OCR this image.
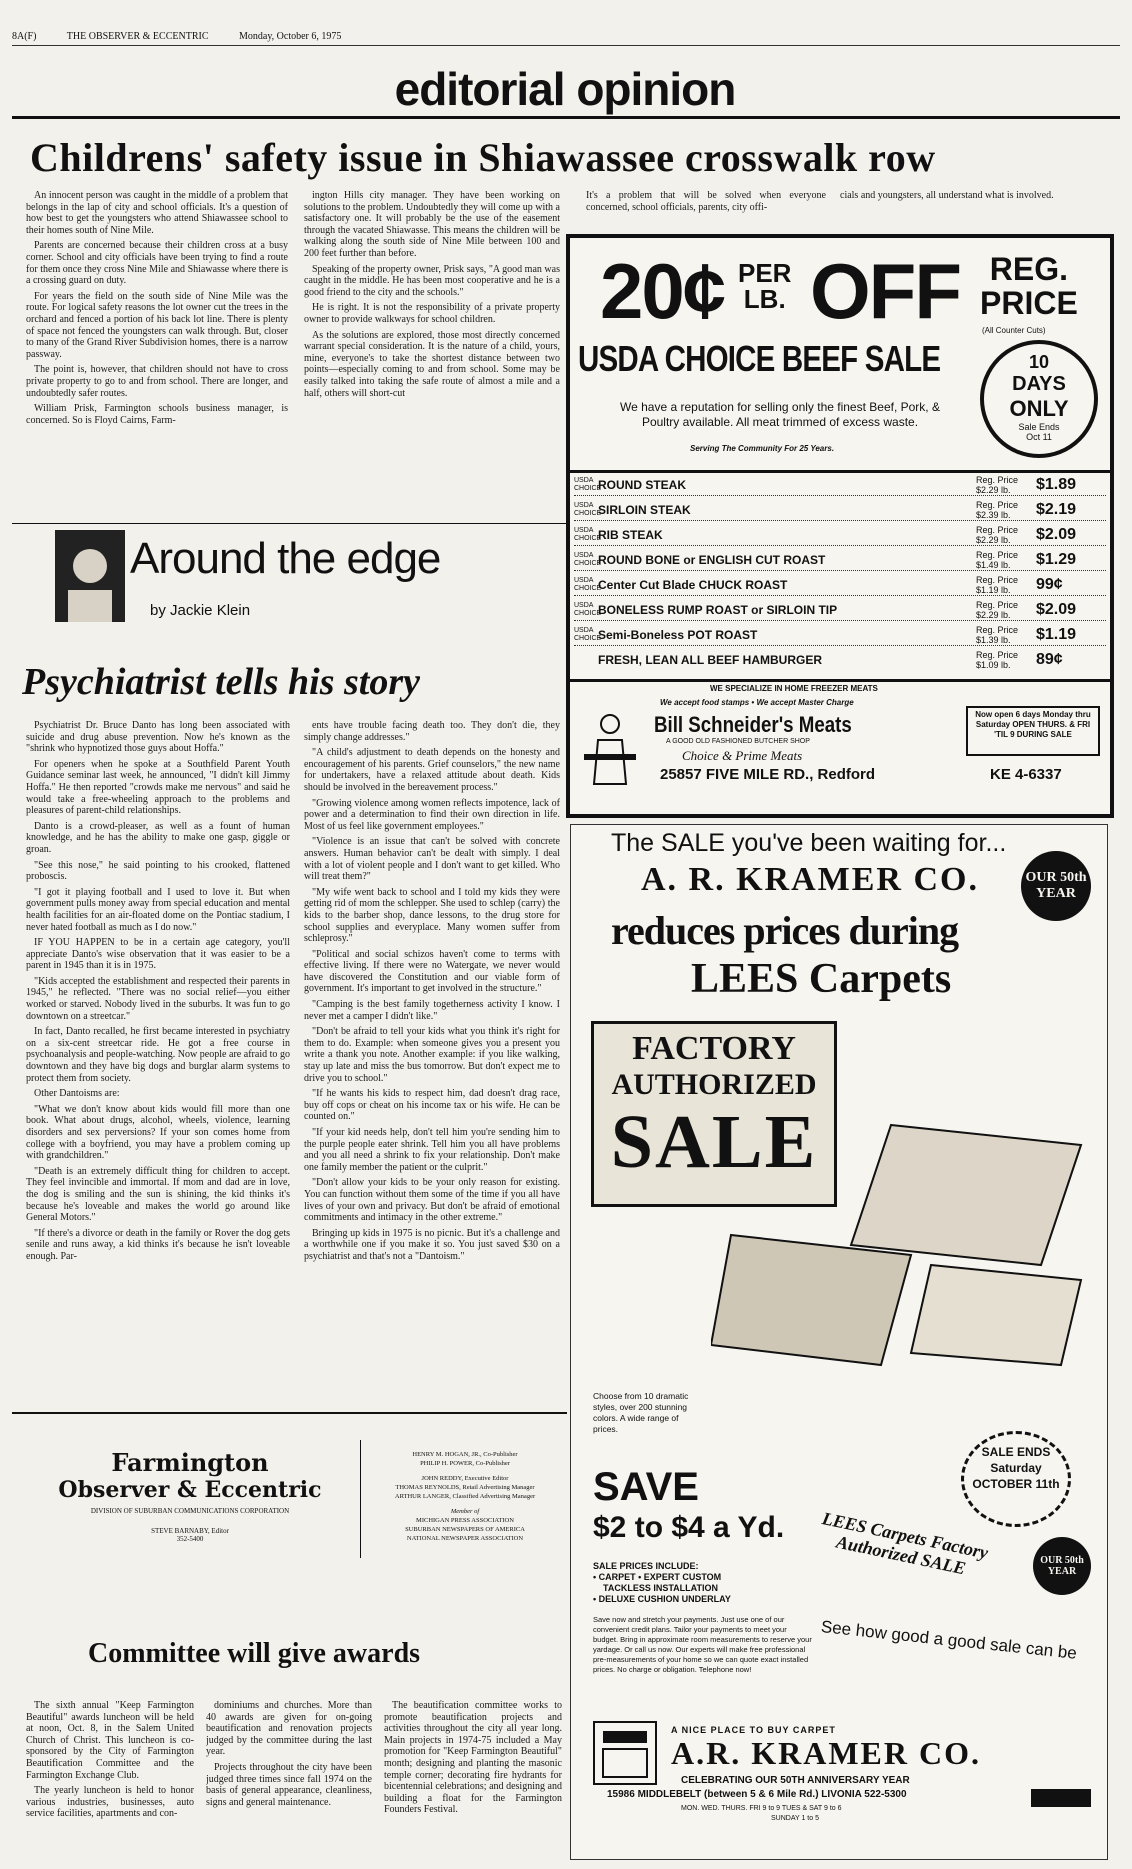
8A(F)	THE OBSERVER & ECCENTRIC	Monday, October 6, 1975
editorial opinion
Childrens' safety issue in Shiawassee crosswalk row

An innocent person was caught in the middle of a problem that belongs in the lap of city and school officials. It's a question of how best to get the youngsters who attend Shiawassee school to their homes south of Nine Mile.

Parents are concerned because their children cross at a busy corner. School and city officials have been trying to find a route for them once they cross Nine Mile and Shiawasse where there is a crossing guard on duty.

For years the field on the south side of Nine Mile was the route. For logical safety reasons the lot owner cut the trees in the orchard and fenced a portion of his back lot line. There is plenty of space not fenced the youngsters can walk through. But, closer to many of the Grand River Subdivision homes, there is a narrow passway.

The point is, however, that children should not have to cross private property to go to and from school. There are longer, and undoubtedly safer routes.

William Prisk, Farmington schools business manager, is concerned. So is Floyd Cairns, Farm-

ington Hills city manager. They have been working on solutions to the problem. Undoubtedly they will come up with a satisfactory one. It will probably be the use of the easement through the vacated Shiawasse. This means the children will be walking along the south side of Nine Mile between 100 and 200 feet further than before.

Speaking of the property owner, Prisk says, "A good man was caught in the middle. He has been most cooperative and he is a good friend to the city and the schools."

He is right. It is not the responsibility of a private property owner to provide walkways for school children.

As the solutions are explored, those most directly concerned warrant special consideration. It is the nature of a child, yours, mine, everyone's to take the shortest distance between two points—especially coming to and from school. Some may be easily talked into taking the safe route of almost a mile and a half, others will short-cut

It's a problem that will be solved when everyone concerned, school officials, parents, city offi-
cials and youngsters, all understand what is involved.
Around the edge
by Jackie Klein
Psychiatrist tells his story

Psychiatrist Dr. Bruce Danto has long been associated with suicide and drug abuse prevention. Now he's known as the "shrink who hypnotized those guys about Hoffa."

For openers when he spoke at a Southfield Parent Youth Guidance seminar last week, he announced, "I didn't kill Jimmy Hoffa." He then reported "crowds make me nervous" and said he would take a free-wheeling approach to the problems and pleasures of parent-child relationships.

Danto is a crowd-pleaser, as well as a fount of human knowledge, and he has the ability to make one gasp, giggle or groan.

"See this nose," he said pointing to his crooked, flattened proboscis.

"I got it playing football and I used to love it. But when government pulls money away from special education and mental health facilities for an air-floated dome on the Pontiac stadium, I never hated football as much as I do now."

IF YOU HAPPEN to be in a certain age category, you'll appreciate Danto's wise observation that it was easier to be a parent in 1945 than it is in 1975.

"Kids accepted the establishment and respected their parents in 1945," he reflected. "There was no social relief—you either worked or starved. Nobody lived in the suburbs. It was fun to go downtown on a streetcar."

In fact, Danto recalled, he first became interested in psychiatry on a six-cent streetcar ride. He got a free course in psychoanalysis and people-watching. Now people are afraid to go downtown and they have big dogs and burglar alarm systems to protect them from society.

Other Dantoisms are:

"What we don't know about kids would fill more than one book. What about drugs, alcohol, wheels, violence, learning disorders and sex perversions? If your son comes home from college with a boyfriend, you may have a problem coming up with grandchildren."

"Death is an extremely difficult thing for children to accept. They feel invincible and immortal. If mom and dad are in love, the dog is smiling and the sun is shining, the kid thinks it's because he's loveable and makes the world go around like General Motors."

"If there's a divorce or death in the family or Rover the dog gets senile and runs away, a kid thinks it's because he isn't loveable enough. Par-

ents have trouble facing death too. They don't die, they simply change addresses."

"A child's adjustment to death depends on the honesty and encouragement of his parents. Grief counselors," the new name for undertakers, have a relaxed attitude about death. Kids should be involved in the bereavement process."

"Growing violence among women reflects impotence, lack of power and a determination to find their own direction in life. Most of us feel like government employees."

"Violence is an issue that can't be solved with concrete answers. Human behavior can't be dealt with simply. I deal with a lot of violent people and I don't want to get killed. Who will treat them?"

"My wife went back to school and I told my kids they were getting rid of mom the schlepper. She used to schlep (carry) the kids to the barber shop, dance lessons, to the drug store for school supplies and everyplace. Many women suffer from schleprosy."

"Political and social schizos haven't come to terms with effective living. If there were no Watergate, we never would have discovered the Constitution and our viable form of government. It's important to get involved in the structure."

"Camping is the best family togetherness activity I know. I never met a camper I didn't like."

"Don't be afraid to tell your kids what you think it's right for them to do. Example: when someone gives you a present you write a thank you note. Another example: if you like walking, stay up late and miss the bus tomorrow. But don't expect me to drive you to school."

"If he wants his kids to respect him, dad doesn't drag race, buy off cops or cheat on his income tax or his wife. He can be counted on."

"If your kid needs help, don't tell him you're sending him to the purple people eater shrink. Tell him you all have problems and you all need a shrink to fix your relationship. Don't make one family member the patient or the culprit."

"Don't allow your kids to be your only reason for existing. You can function without them some of the time if you all have lives of your own and privacy. But don't be afraid of emotional commitments and intimacy in the other extreme."

Bringing up kids in 1975 is no picnic. But it's a challenge and a worthwhile one if you make it so. You just saved $30 on a psychiatrist and that's not a "Dantoism."

Farmington
Observer & Eccentric
DIVISION OF SUBURBAN COMMUNICATIONS CORPORATION
STEVE BARNABY, Editor
352-5400
HENRY M. HOGAN, JR., Co-Publisher
PHILIP H. POWER, Co-Publisher
JOHN REDDY, Executive Editor
THOMAS REYNOLDS, Retail Advertising Manager
ARTHUR LANGER, Classified Advertising Manager
Member of
MICHIGAN PRESS ASSOCIATION
SUBURBAN NEWSPAPERS OF AMERICA
NATIONAL NEWSPAPER ASSOCIATION
Committee will give awards

The sixth annual "Keep Farmington Beautiful" awards luncheon will be held at noon, Oct. 8, in the Salem United Church of Christ. This luncheon is co-sponsored by the City of Farmington Beautification Committee and the Farmington Exchange Club.

The yearly luncheon is held to honor various industries, businesses, auto service facilities, apartments and con-

dominiums and churches. More than 40 awards are given for on-going beautification and renovation projects judged by the committee during the last year.

Projects throughout the city have been judged three times since fall 1974 on the basis of general appearance, cleanliness, signs and general maintenance.

The beautification committee works to promote beautification projects and activities throughout the city all year long. Main projects in 1974-75 included a May promotion for "Keep Farmington Beautiful" month; designing and planting the masonic temple corner; decorating fire hydrants for bicentennial celebrations; and designing and building a float for the Farmington Founders Festival.

20¢ PER
LB. OFF REG.
PRICE
(All Counter Cuts)
USDA CHOICE BEEF SALE	10
DAYS
ONLY
Sale Ends
Oct 11
We have a reputation for selling only the finest Beef, Pork, & Poultry available. All meat trimmed of excess waste.
Serving The Community For 25 Years.
USDA CHOICE
ROUND STEAK	Reg. Price $2.29 lb.	$1.89
USDA CHOICE
SIRLOIN STEAK	Reg. Price $2.39 lb.	$2.19
USDA CHOICE
RIB STEAK	Reg. Price $2.29 lb.	$2.09
USDA CHOICE
ROUND BONE or ENGLISH CUT ROAST	Reg. Price $1.49 lb.	$1.29
USDA CHOICE
Center Cut Blade CHUCK ROAST	Reg. Price $1.19 lb.	99¢
USDA CHOICE
BONELESS RUMP ROAST or SIRLOIN TIP	Reg. Price $2.29 lb.	$2.09
USDA CHOICE
Semi-Boneless POT ROAST	Reg. Price $1.39 lb.	$1.19
FRESH, LEAN ALL BEEF HAMBURGER	Reg. Price $1.09 lb.	89¢
WE SPECIALIZE IN HOME FREEZER MEATS
We accept food stamps • We accept Master Charge
Bill Schneider's Meats
A GOOD OLD FASHIONED BUTCHER SHOP
Choice & Prime Meats
25857 FIVE MILE RD., Redford
Now open 6 days Monday thru Saturday OPEN THURS. & FRI 'TIL 9 DURING SALE
KE 4-6337
The SALE you've been waiting for...
A. R. KRAMER CO.	OUR 50th YEAR
reduces prices during
LEES Carpets
FACTORY
AUTHORIZED
SALE
Choose from 10 dramatic styles, over 200 stunning colors. A wide range of prices.
SALE ENDS Saturday OCTOBER 11th
SAVE
$2 to $4 a Yd.
SALE PRICES INCLUDE:
• CARPET • EXPERT CUSTOM
TACKLESS INSTALLATION
• DELUXE CUSHION UNDERLAY
LEES Carpets Factory Authorized SALE	OUR 50th YEAR
See how good a good sale can be
Save now and stretch your payments. Just use one of our convenient credit plans. Tailor your payments to meet your budget. Bring in approximate room measurements to reserve your yardage. Or call us now. Our experts will make free professional pre-measurements of your home so we can quote exact installed prices. No charge or obligation. Telephone now!
A NICE PLACE TO BUY CARPET
A.R. KRAMER CO.
CELEBRATING OUR 50TH ANNIVERSARY YEAR
15986 MIDDLEBELT (between 5 & 6 Mile Rd.) LIVONIA 522-5300
MON. WED. THURS. FRI 9 to 9 TUES & SAT 9 to 6
SUNDAY 1 to 5
